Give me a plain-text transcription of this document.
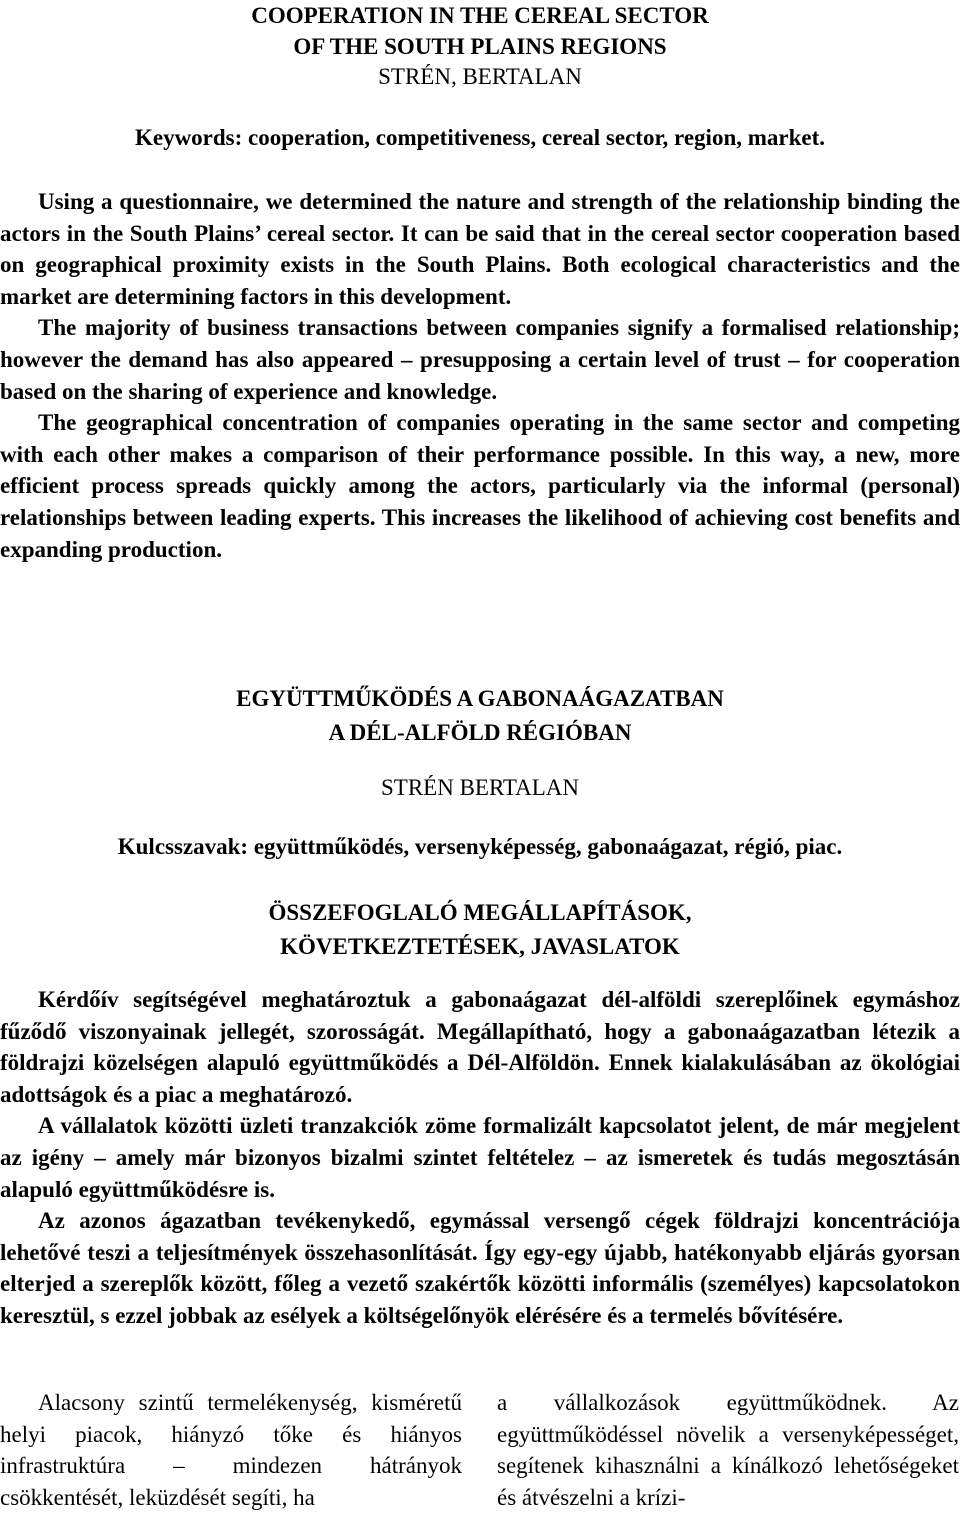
COOPERATION IN THE CEREAL SECTOR
OF THE SOUTH PLAINS REGIONS
STRÉN, BERTALAN
Keywords: cooperation, competitiveness, cereal sector, region, market.

Using a questionnaire, we determined the nature and strength of the relationship binding the actors in the South Plains’ cereal sector. It can be said that in the cereal sector cooperation based on geographical proximity exists in the South Plains. Both ecological characteristics and the market are determining factors in this development.

The majority of business transactions between companies signify a formalised relationship; however the demand has also appeared – presupposing a certain level of trust – for cooperation based on the sharing of experience and knowledge.

The geographical concentration of companies operating in the same sector and competing with each other makes a comparison of their performance possible. In this way, a new, more efficient process spreads quickly among the actors, particularly via the informal (personal) relationships between leading experts. This increases the likelihood of achieving cost benefits and expanding production.

EGYÜTTMŰKÖDÉS A GABONAÁGAZATBAN
A DÉL-ALFÖLD RÉGIÓBAN
STRÉN BERTALAN
Kulcsszavak: együttműködés, versenyképesség, gabonaágazat, régió, piac.
ÖSSZEFOGLALÓ MEGÁLLAPÍTÁSOK,
KÖVETKEZTETÉSEK, JAVASLATOK

Kérdőív segítségével meghatároztuk a gabonaágazat dél-alföldi szereplőinek egymáshoz fűződő viszonyainak jellegét, szorosságát. Megállapítható, hogy a gabonaágazatban létezik a földrajzi közelségen alapuló együttműködés a Dél-Alföldön. Ennek kialakulásában az ökológiai adottságok és a piac a meghatározó.

A vállalatok közötti üzleti tranzakciók zöme formalizált kapcsolatot jelent, de már megjelent az igény – amely már bizonyos bizalmi szintet feltételez – az ismeretek és tudás megosztásán alapuló együttműködésre is.

Az azonos ágazatban tevékenykedő, egymással versengő cégek földrajzi koncentrációja lehetővé teszi a teljesítmények összehasonlítását. Így egy-egy újabb, hatékonyabb eljárás gyorsan elterjed a szereplők között, főleg a vezető szakértők közötti informális (személyes) kapcsolatokon keresztül, s ezzel jobbak az esélyek a költségelőnyök elérésére és a termelés bővítésére.

Alacsony szintű termelékenység, kisméretű helyi piacok, hiányzó tőke és hiányos infrastruktúra – mindezen hátrányok csökkentését, leküzdését segíti, ha

a vállalkozások együttműködnek. Az együttműködéssel növelik a versenyképességet, segítenek kihasználni a kínálkozó lehetőségeket és átvészelni a krízi-
